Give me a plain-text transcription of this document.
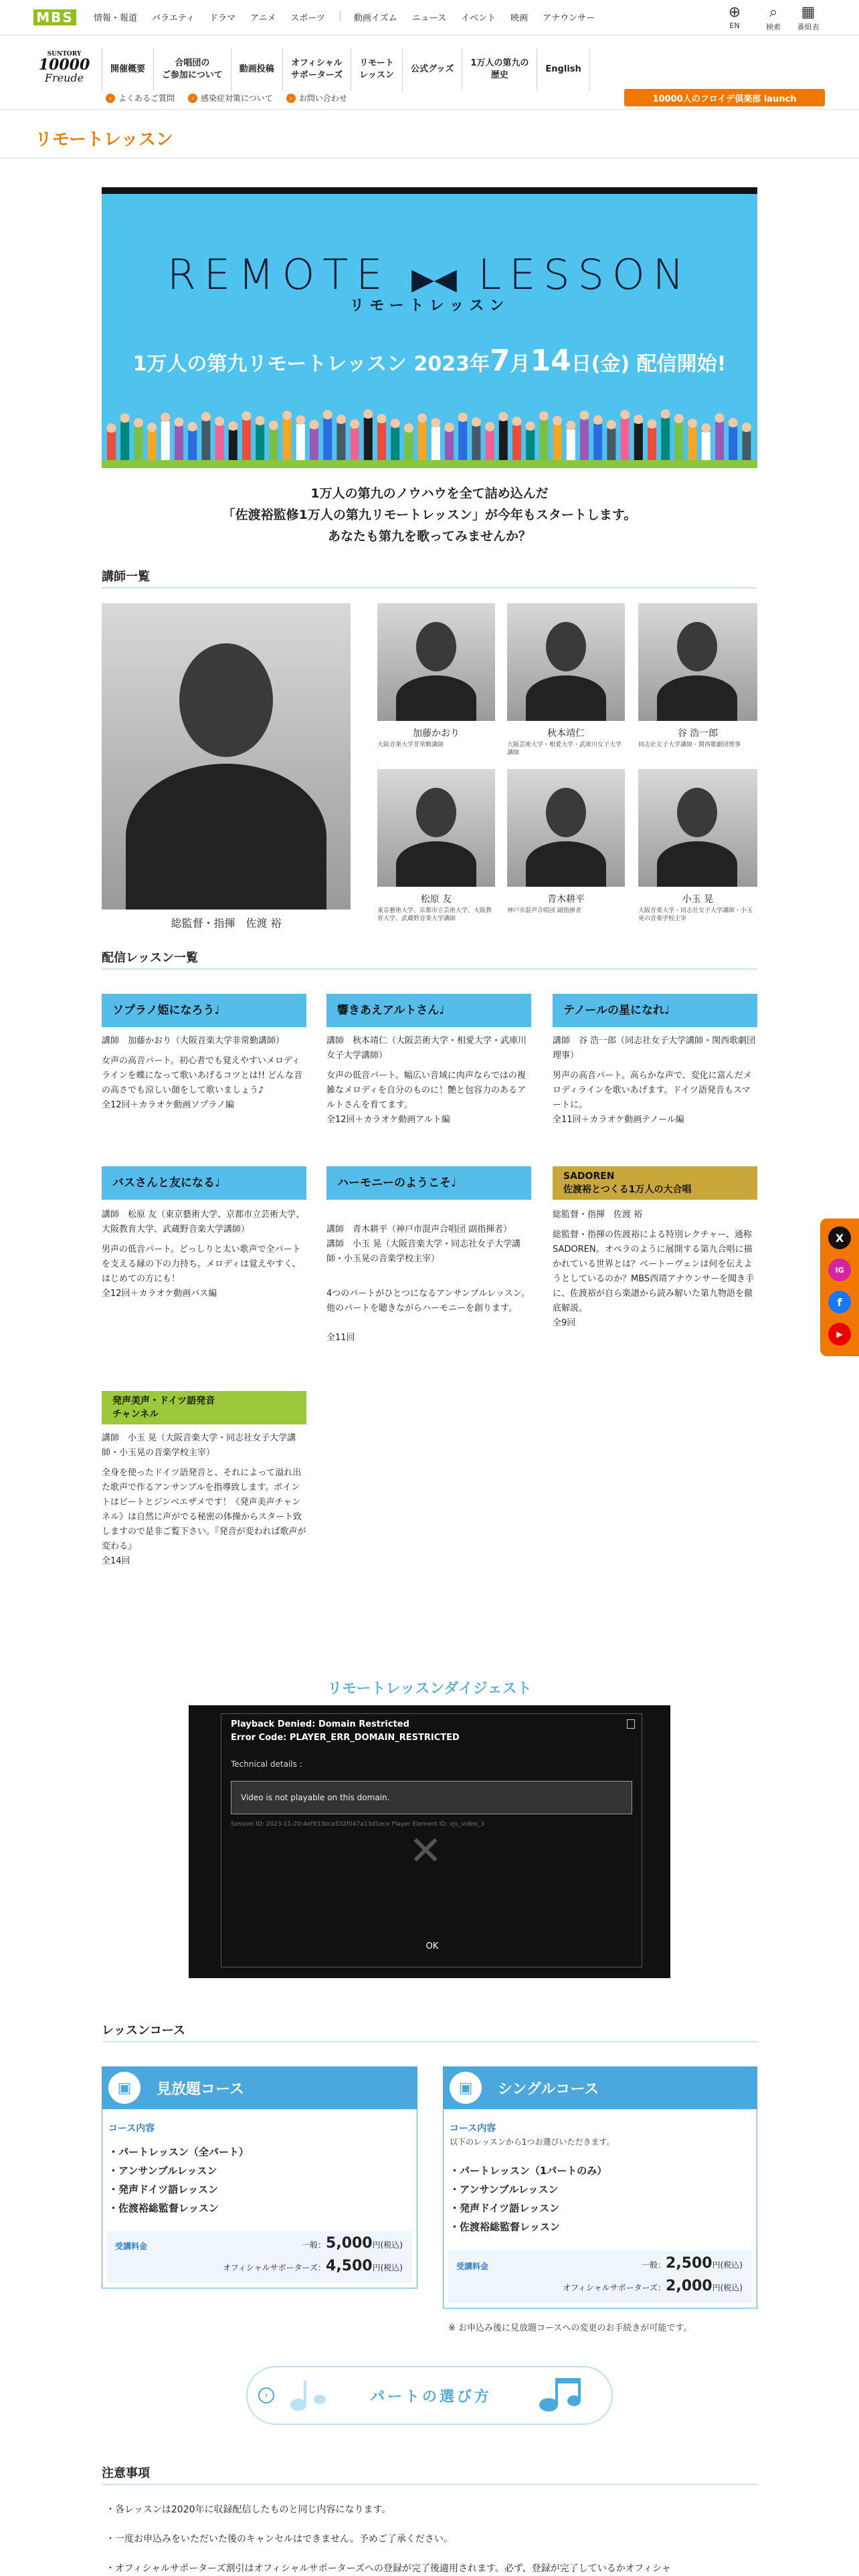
MBS	情報・報道 バラエティ ドラマ アニメ スポーツ	動画イズム ニュース イベント 映画 アナウンサー	⊕
EN
⌕
検索
▦
番組表
SUNTORY
10000
Freude
開催概要
合唱団の
ご参加について
動画投稿
オフィシャル
サポーターズ
リモート
レッスン
公式グッズ
1万人の第九の
歴史
English
› よくあるご質問	› 感染症対策について	› お問い合わせ	10000人のフロイデ倶楽部 launch
リモートレッスン
REMOTE ▶◀ LESSON
リモートレッスン
1万人の第九リモートレッスン 2023年7月14日(金) 配信開始!
1万人の第九のノウハウを全て詰め込んだ
「佐渡裕監修1万人の第九リモートレッスン」が今年もスタートします。
あなたも第九を歌ってみませんか？
講師一覧
総監督・指揮　佐渡 裕
加藤かおり
大阪音楽大学非常勤講師
秋本靖仁
大阪芸術大学・相愛大学・武庫川女子大学講師
谷 浩一郎
同志社女子大学講師・関西歌劇団理事
松原 友
東京藝術大学、京都市立芸術大学、大阪教育大学、武蔵野音楽大学講師
青木耕平
神戸市混声合唱団 副指揮者
小玉 晃
大阪音楽大学・同志社女子大学講師・小玉晃の音楽学校主宰
配信レッスン一覧
ソプラノ姫になろう♩
講師　加藤かおり（大阪音楽大学非常勤講師）
女声の高音パート。初心者でも覚えやすいメロディラインを蝶になって歌いあげるコツとは!! どんな音の高さでも涼しい顔をして歌いましょう♪
全12回＋カラオケ動画ソプラノ編
響きあえアルトさん♩
講師　秋本靖仁（大阪芸術大学・相愛大学・武庫川女子大学講師）
女声の低音パート。幅広い音域に肉声ならではの複雑なメロディを自分のものに！艶と包容力のあるアルトさんを育てます。
全12回＋カラオケ動画アルト編
テノールの星になれ♩
講師　谷 浩一郎（同志社女子大学講師・関西歌劇団理事）
男声の高音パート。高らかな声で、変化に富んだメロディラインを歌いあげます。ドイツ語発音もスマートに。
全11回＋カラオケ動画テノール編
バスさんと友になる♩
講師　松原 友（東京藝術大学、京都市立芸術大学、大阪教育大学、武蔵野音楽大学講師）
男声の低音パート。どっしりと太い歌声で全パートを支える縁の下の力持ち。メロディは覚えやすく、はじめての方にも！
全12回＋カラオケ動画バス編
ハーモニーのようこそ♩

講師　青木耕平（神戸市混声合唱団 副指揮者）
講師　小玉 晃（大阪音楽大学・同志社女子大学講師・小玉晃の音楽学校主宰）

4つのパートがひとつになるアンサンブルレッスン。他のパートを聴きながらハーモニーを創ります。

全11回

SADOREN
佐渡裕とつくる1万人の大合唱
総監督・指揮　佐渡 裕
総監督・指揮の佐渡裕による特別レクチャー、通称SADOREN。オペラのように展開する第九合唱に描かれている世界とは？ベートーヴェンは何を伝えようとしているのか？MBS西靖アナウンサーを聞き手に、佐渡裕が自ら楽譜から読み解いた第九物語を徹底解説。
全9回
発声美声・ドイツ語発音
チャンネル
講師　小玉 晃（大阪音楽大学・同志社女子大学講師・小玉晃の音楽学校主宰）
全身を使ったドイツ語発音と、それによって溢れ出た歌声で作るアンサンブルを指導致します。ポイントはビートとジンベエザメです！《発声美声チャンネル》は自然に声がでる秘密の体操からスタート致しますので是非ご覧下さい。『発音が変われば歌声が変わる』
全14回
リモートレッスンダイジェスト
Playback Denied: Domain Restricted
Error Code: PLAYER_ERR_DOMAIN_RESTRICTED
Technical details :
Video is not playable on this domain.
Session ID: 2023-11-20:4ef933bce532f047a13d1ece Player Element ID: vjs_video_3
✕
OK
レッスンコース
▣	見放題コース
コース内容
・パートレッスン（全パート）
・アンサンブルレッスン
・発声ドイツ語レッスン
・佐渡裕総監督レッスン
受講料金	一般：5,000円(税込)
オフィシャルサポーターズ：4,500円(税込)
▣	シングルコース
コース内容
以下のレッスンから1つお選びいただきます。
・パートレッスン（1パートのみ）
・アンサンブルレッスン
・発声ドイツ語レッスン
・佐渡裕総監督レッスン
受講料金	一般：2,500円(税込)
オフィシャルサポーターズ：2,000円(税込)
※ お申込み後に見放題コースへの変更のお手続きが可能です。
›	パートの選び方
注意事項
・各レッスンは2020年に収録配信したものと同じ内容になります。
・一度お申込みをいただいた後のキャンセルはできません。予めご了承ください。
・オフィシャルサポーターズ割引はオフィシャルサポーターズへの登録が完了後適用されます。必ず、登録が完了しているかオフィシャ
X
IG
f
▶
